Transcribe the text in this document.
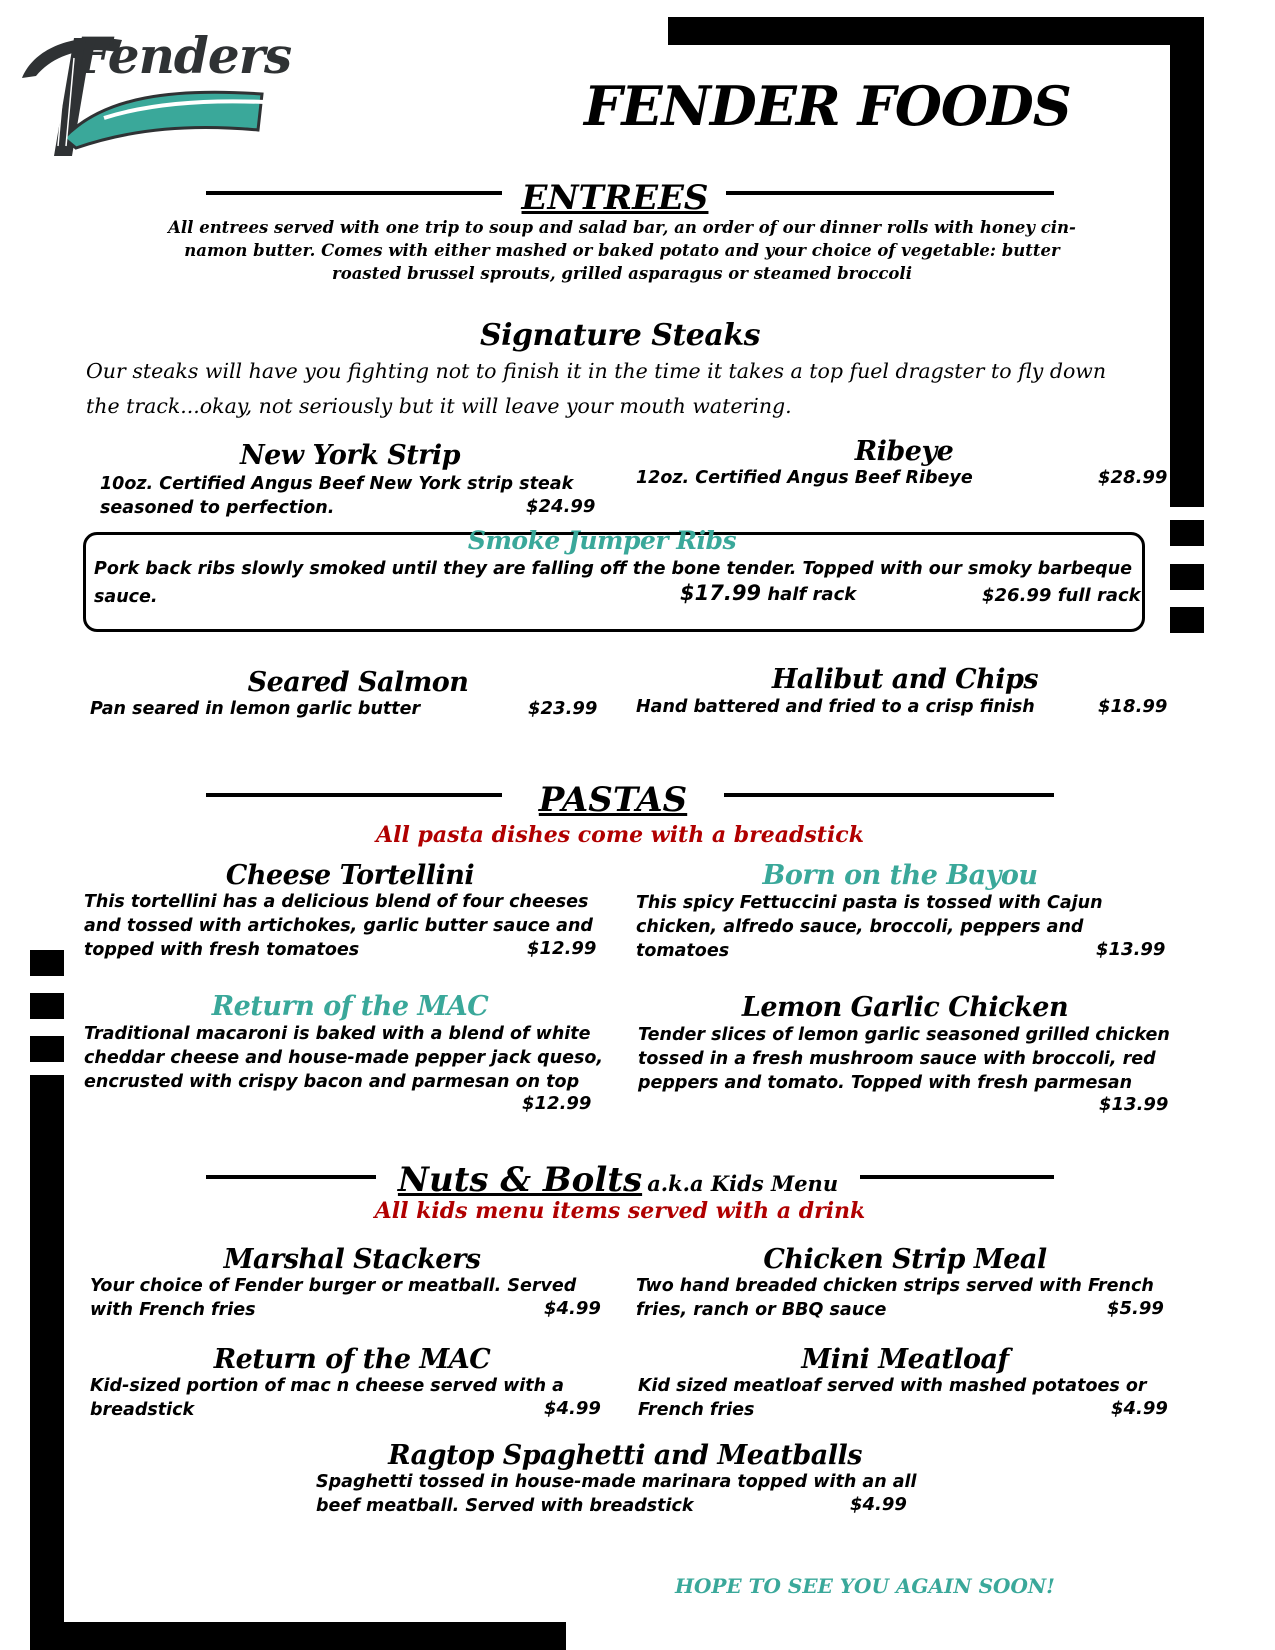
Fenders
FENDER FOODS
ENTREES
All entrees served with one trip to soup and salad bar, an order of our dinner rolls with honey cin-
namon butter. Comes with either mashed or baked potato and your choice of vegetable: butter
roasted brussel sprouts, grilled asparagus or steamed broccoli
Signature Steaks
Our steaks will have you fighting not to finish it in the time it takes a top fuel dragster to fly down
the track...okay, not seriously but it will leave your mouth watering.
New York Strip
10oz. Certified Angus Beef New York strip steak
seasoned to perfection.	$24.99
Ribeye
12oz. Certified Angus Beef Ribeye	$28.99
Smoke Jumper Ribs
Pork back ribs slowly smoked until they are falling off the bone tender. Topped with our smoky barbeque
sauce.	$17.99 half rack	$26.99 full rack
Seared Salmon
Pan seared in lemon garlic butter	$23.99
Halibut and Chips
Hand battered and fried to a crisp finish	$18.99
PASTAS
All pasta dishes come with a breadstick
Cheese Tortellini
This tortellini has a delicious blend of four cheeses
and tossed with artichokes, garlic butter sauce and
topped with fresh tomatoes	$12.99
Born on the Bayou
This spicy Fettuccini pasta is tossed with Cajun
chicken, alfredo sauce, broccoli, peppers and
tomatoes	$13.99
Return of the MAC
Traditional macaroni is baked with a blend of white
cheddar cheese and house-made pepper jack queso,
encrusted with crispy bacon and parmesan on top
$12.99
Lemon Garlic Chicken
Tender slices of lemon garlic seasoned grilled chicken
tossed in a fresh mushroom sauce with broccoli, red
peppers and tomato. Topped with fresh parmesan
$13.99
Nuts & Bolts a.k.a Kids Menu
All kids menu items served with a drink
Marshal Stackers
Your choice of Fender burger or meatball. Served
with French fries	$4.99
Chicken Strip Meal
Two hand breaded chicken strips served with French
fries, ranch or BBQ sauce	$5.99
Return of the MAC
Kid-sized portion of mac n cheese served with a
breadstick	$4.99
Mini Meatloaf
Kid sized meatloaf served with mashed potatoes or
French fries	$4.99
Ragtop Spaghetti and Meatballs
Spaghetti tossed in house-made marinara topped with an all
beef meatball. Served with breadstick	$4.99
HOPE TO SEE YOU AGAIN SOON!
